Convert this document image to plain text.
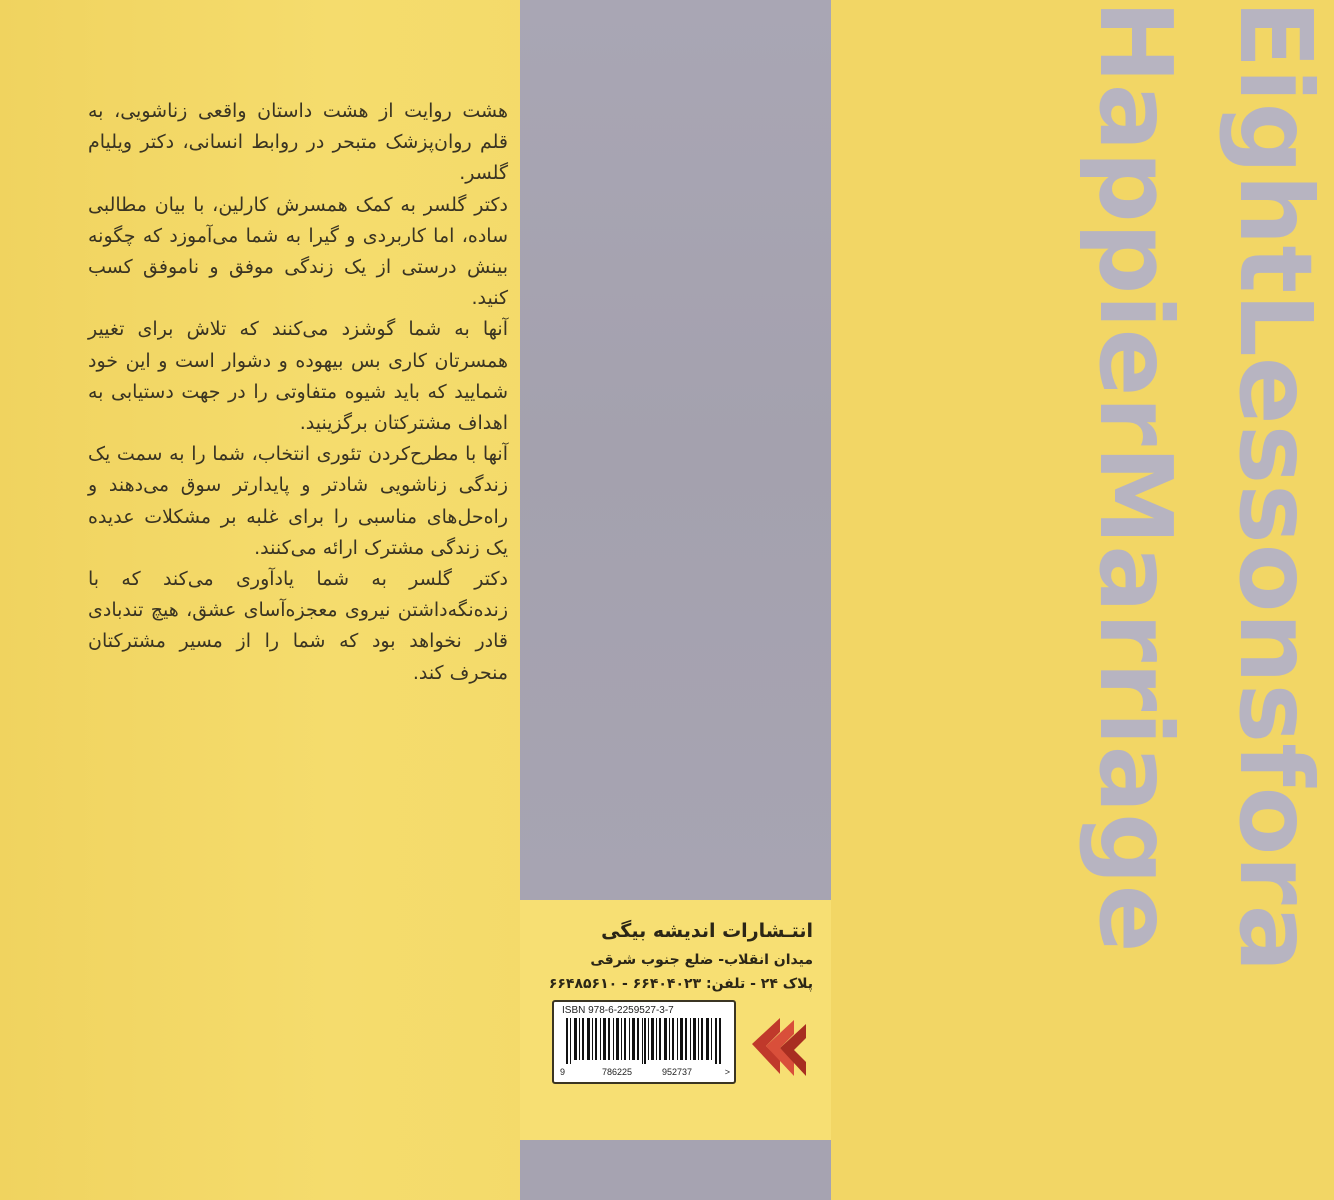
EightLessonsfora
HappierMarriage

هشت روایت از هشت داستان واقعی زناشویی، به قلم روان‌پزشک متبحر در روابط انسانی، دکتر ویلیام گلسر.

دکتر گلسر به کمک همسرش کارلین، با بیان مطالبی ساده، اما کاربردی و گیرا به شما می‌آموزد که چگونه بینش درستی از یک زندگی موفق و ناموفق کسب کنید.

آنها به شما گوشزد می‌کنند که تلاش برای تغییر همسرتان کاری بس بیهوده و دشوار است و این خود شمایید که باید شیوه متفاوتی را در جهت دستیابی به اهداف مشترکتان برگزینید.

آنها با مطرح‌کردن تئوری انتخاب، شما را به سمت یک زندگی زناشویی شادتر و پایدارتر سوق می‌دهند و راه‌حل‌های مناسبی را برای غلبه بر مشکلات عدیده یک زندگی مشترک ارائه می‌کنند.

دکتر گلسر به شما یادآوری می‌کند که با زنده‌نگه‌داشتن نیروی معجزه‌آسای عشق، هیچ تندبادی قادر نخواهد بود که شما را از مسیر مشترکتان منحرف کند.

انتـشارات اندیشه بیگی
میدان انقلاب- ضلع جنوب شرقی
پلاک ۲۴ - تلفن: ۶۶۴۰۴۰۲۳ - ۶۶۴۸۵۶۱۰
ISBN 978-6-2259527-3-7
9	786225	952737	>
